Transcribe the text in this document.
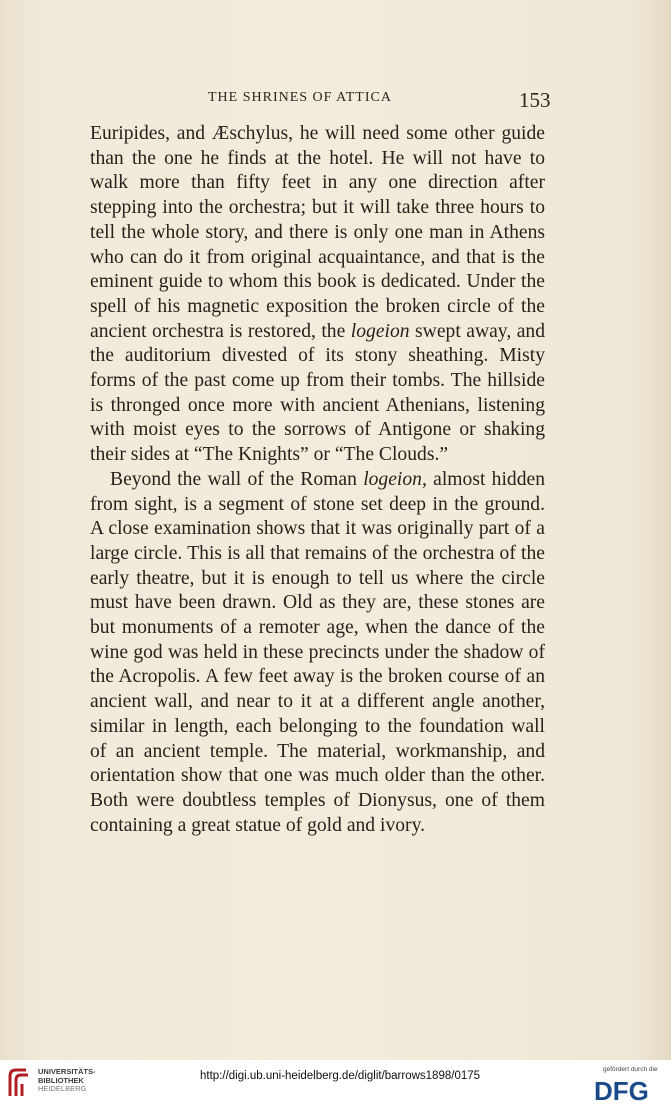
THE SHRINES OF ATTICA	153

Euripides, and Æschylus, he will need some other guide than the one he finds at the hotel. He will not have to walk more than fifty feet in any one direction after stepping into the orchestra; but it will take three hours to tell the whole story, and there is only one man in Athens who can do it from original acquaintance, and that is the eminent guide to whom this book is dedicated. Under the spell of his magnetic exposition the broken circle of the ancient orchestra is restored, the logeion swept away, and the auditorium divested of its stony sheathing. Misty forms of the past come up from their tombs. The hillside is thronged once more with ancient Athenians, listening with moist eyes to the sorrows of Antigone or shaking their sides at “The Knights” or “The Clouds.”

Beyond the wall of the Roman logeion, almost hidden from sight, is a segment of stone set deep in the ground. A close examination shows that it was originally part of a large circle. This is all that remains of the orchestra of the early theatre, but it is enough to tell us where the circle must have been drawn. Old as they are, these stones are but monuments of a remoter age, when the dance of the wine god was held in these precincts under the shadow of the Acropolis. A few feet away is the broken course of an ancient wall, and near to it at a different angle another, similar in length, each belonging to the foundation wall of an ancient temple. The material, workmanship, and orientation show that one was much older than the other. Both were doubtless temples of Dionysus, one of them containing a great statue of gold and ivory.

UNIVERSITÄTS-
BIBLIOTHEK
HEIDELBERG
http://digi.ub.uni-heidelberg.de/diglit/barrows1898/0175
gefördert durch die
DFG
